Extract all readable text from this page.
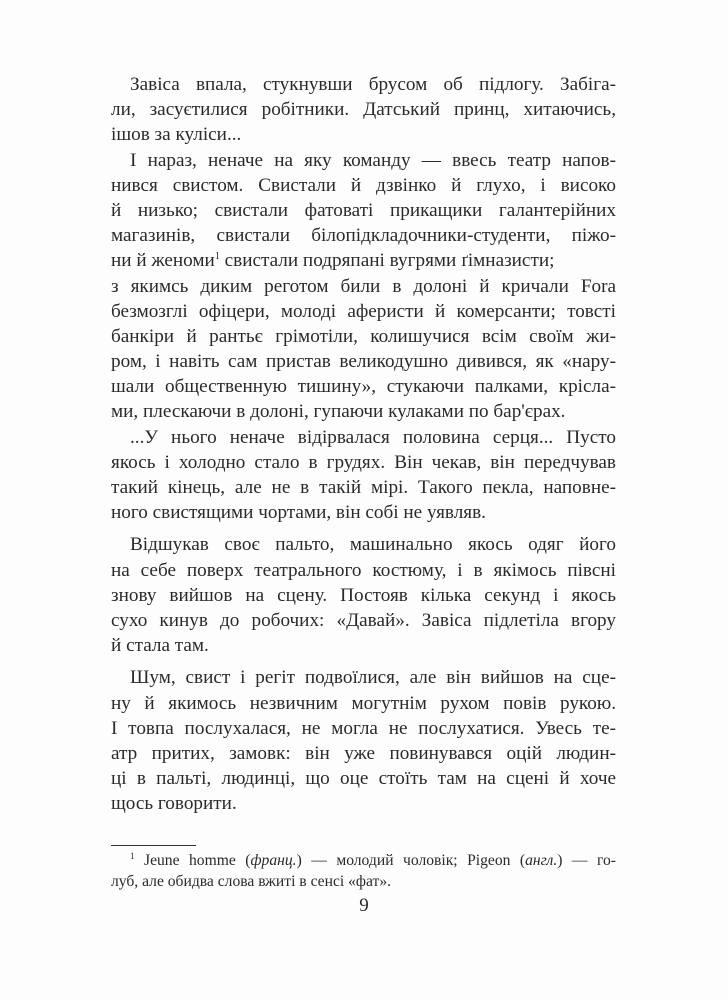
Завіса впала, стукнувши брусом об підлогу. Забіга-
ли, засуєтилися робітники. Датський принц, хитаючись,
ішов за куліси...
І нараз, неначе на яку команду — ввесь театр напов-
нився свистом. Свистали й дзвінко й глухо, і високо
й низько; свистали фатоваті прикащики галантерійних
магазинів, свистали білопідкладочники-студенти, піжо-
ни й женоми$^1$ свистали подряпані вугрями ґімназисти;
з якимсь диким реготом били в долоні й кричали Fora
безмозглі офіцери, молоді аферисти й комерсанти; товсті
банкіри й рантьє грімотіли, колишучися всім своїм жи-
ром, і навіть сам пристав великодушно дивився, як «нару-
шали общественную тишину», стукаючи палками, крісла-
ми, плескаючи в долоні, гупаючи кулаками по бар'єрах.
...У нього неначе відірвалася половина серця... Пусто
якось і холодно стало в грудях. Він чекав, він передчував
такий кінець, але не в такій мірі. Такого пекла, наповне-
ного свистящими чортами, він собі не уявляв.
Відшукав своє пальто, машинально якось одяг його
на себе поверх театрального костюму, і в якімось півсні
знову вийшов на сцену. Постояв кілька секунд і якось
сухо кинув до робочих: «Давай». Завіса підлетіла вгору
й стала там.
Шум, свист і регіт подвоїлися, але він вийшов на сце-
ну й якимось незвичним могутнім рухом повів рукою.
І товпа послухалася, не могла не послухатися. Увесь те-
атр притих, замовк: він уже повинувався оцій людин-
ці в пальті, людинці, що оце стоїть там на сцені й хоче
щось говорити.
$^1$ Jeune homme (франц.) — молодий чоловік; Pigeon (англ.) — го-
луб, але обидва слова вжиті в сенсі «фат».
9
